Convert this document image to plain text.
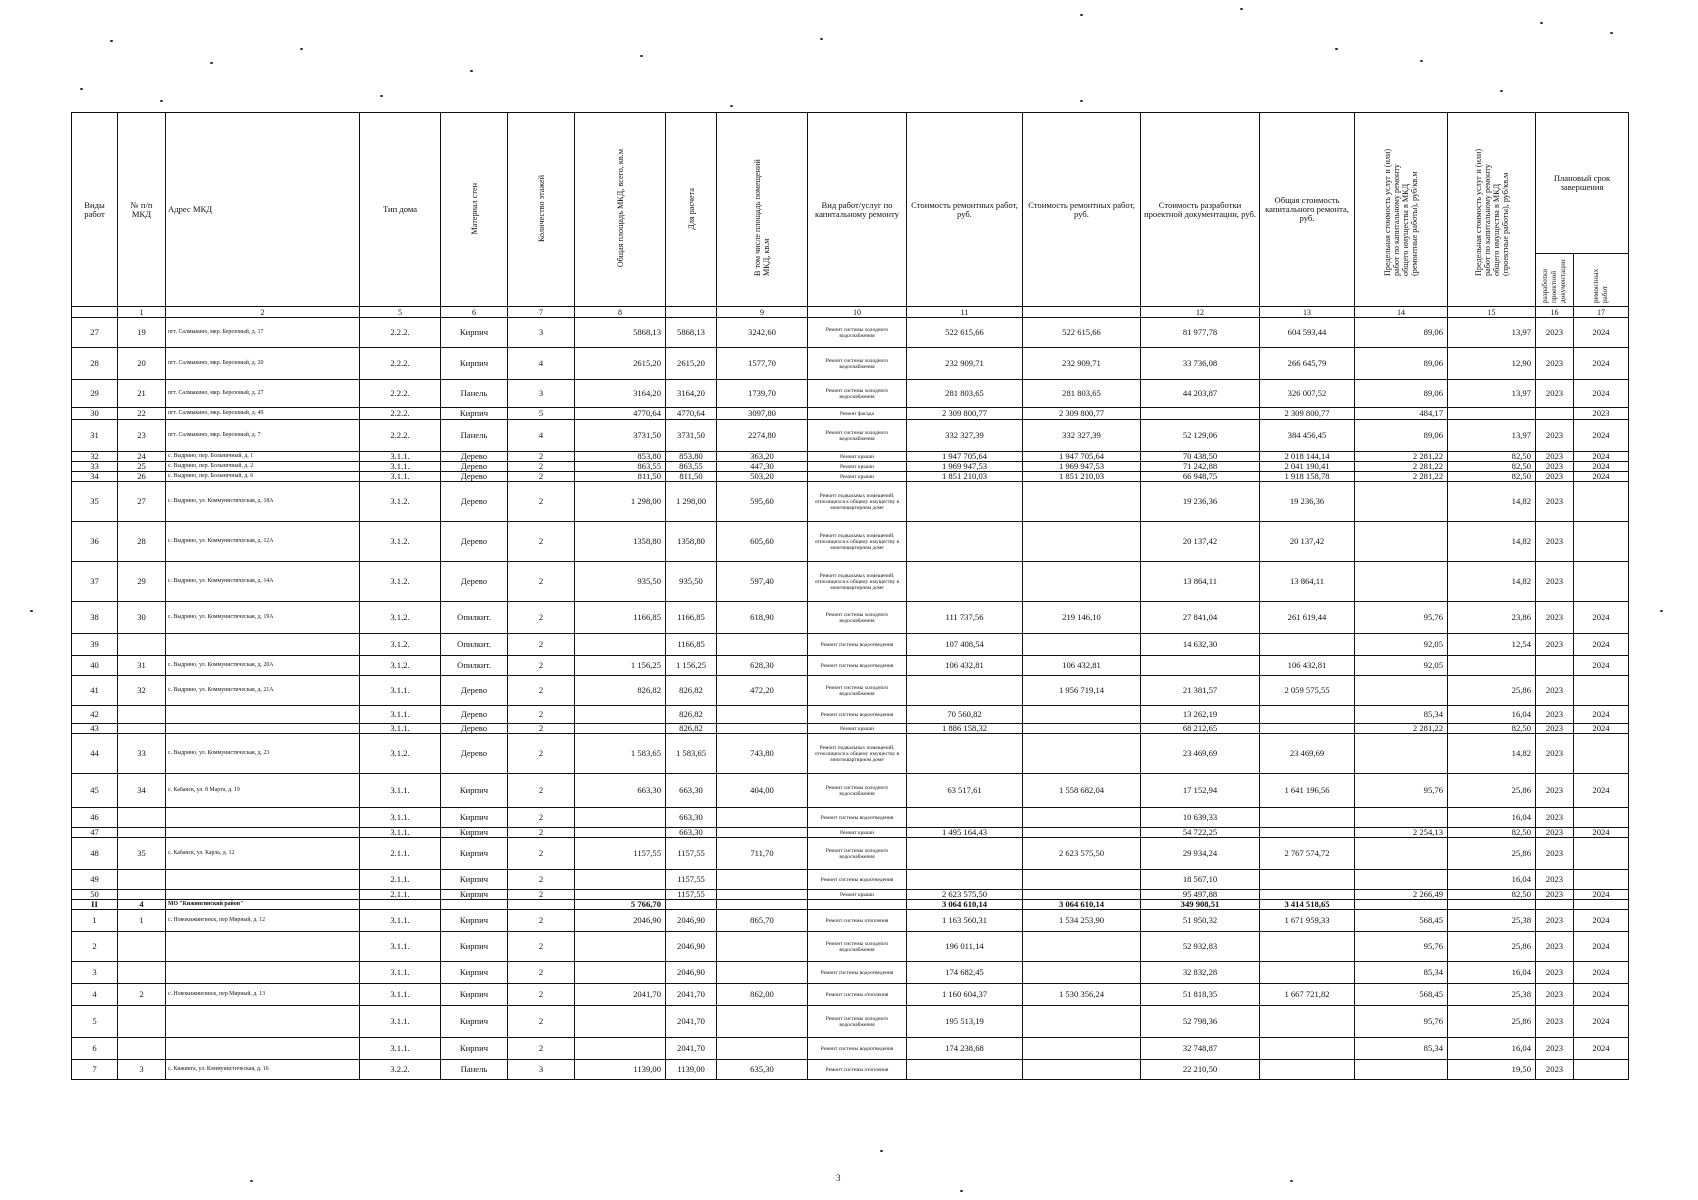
Виды работ	№ п/п МКД	Адрес МКД	Тип дома	Материал стен	Количество этажей	Общая площадь МКД, всего, кв.м	Для расчета	В том числе площадь помещений МКД, кв.м	Вид работ/услуг по капитальному ремонту	Стоимость ремонтных работ, руб.	Стоимость ремонтных работ, руб.	Стоимость разработки проектной документации, руб.	Общая стоимость капитального ремонта, руб.	Предельная стоимость услуг и (или) работ по капитальному ремонту общего имущества в МКД (ремонтные работы), руб/кв.м	Предельная стоимость услуг и (или) работ по капитальному ремонту общего имущества в МКД (проектные работы), руб/кв.м	Плановый срок завершения	
																разработки проектной документации	ремонтных работ
	1	2	5	6	7	8		9	10	11		12	13	14	15	16	17
27	19	пгт. Салмыкино, мкр. Березовый, д. 17	2.2.2.	Кирпич	3	5868,13	5868,13	3242,60	Ремонт системы холодного водоснабжения	522 615,66	522 615,66	81 977,78	604 593,44	89,06	13,97	2023	2024
28	20	пгт. Салмыкино, мкр. Березовый, д. 20	2.2.2.	Кирпич	4	2615,20	2615,20	1577,70	Ремонт системы холодного водоснабжения	232 909,71	232 909,71	33 736,08	266 645,79	89,06	12,90	2023	2024
29	21	пгт. Салмыкино, мкр. Березовый, д. 27	2.2.2.	Панель	3	3164,20	3164,20	1739,70	Ремонт системы холодного водоснабжения	281 803,65	281 803,65	44 203,87	326 007,52	89,06	13,97	2023	2024
30	22	пгт. Салмыкино, мкр. Березовый, д. 49	2.2.2.	Кирпич	5	4770,64	4770,64	3097,80	Ремонт фасада	2 309 800,77	2 309 800,77		2 309 800,77	484,17			2023
31	23	пгт. Салмыкино, мкр. Березовый, д. 7	2.2.2.	Панель	4	3731,50	3731,50	2274,80	Ремонт системы холодного водоснабжения	332 327,39	332 327,39	52 129,06	384 456,45	89,06	13,97	2023	2024
32	24	с. Выдрино, пер. Больничный, д. 1	3.1.1.	Дерево	2	853,80	853,80	363,20	Ремонт крыши	1 947 705,64	1 947 705,64	70 438,50	2 018 144,14	2 281,22	82,50	2023	2024
33	25	с. Выдрино, пер. Больничный, д. 2	3.1.1.	Дерево	2	863,55	863,55	447,30	Ремонт крыши	1 969 947,53	1 969 947,53	71 242,88	2 041 190,41	2 281,22	82,50	2023	2024
34	26	с. Выдрино, пер. Больничный, д. 6	3.1.1.	Дерево	2	811,50	811,50	503,20	Ремонт крыши	1 851 210,03	1 851 210,03	66 948,75	1 918 158,78	2 281,22	82,50	2023	2024
35	27	с. Выдрино, ул. Коммунистическая, д. 18А	3.1.2.	Дерево	2	1 298,00	1 298,00	595,60	Ремонт подвальных помещений, относящихся к общему имуществу в многоквартирном доме			19 236,36	19 236,36		14,82	2023	
36	28	с. Выдрино, ул. Коммунистическая, д. 12А	3.1.2.	Дерево	2	1358,80	1358,80	605,60	Ремонт подвальных помещений, относящихся к общему имуществу в многоквартирном доме			20 137,42	20 137,42		14,82	2023	
37	29	с. Выдрино, ул. Коммунистическая, д. 14А	3.1.2.	Дерево	2	935,50	935,50	597,40	Ремонт подвальных помещений, относящихся к общему имуществу в многоквартирном доме			13 864,11	13 864,11		14,82	2023	
38	30	с. Выдрино, ул. Коммунистическая, д. 19А	3.1.2.	Опилкит.	2	1166,85	1166,85	618,90	Ремонт системы холодного водоснабжения	111 737,56	219 146,10	27 841,04	261 619,44	95,76	23,86	2023	2024
39			3.1.2.	Опилкит.	2		1166,85		Ремонт системы водоотведения	107 408,54		14 632,30		92,05	12,54	2023	2024
40	31	с. Выдрино, ул. Коммунистическая, д. 20А	3.1.2.	Опилкит.	2	1 156,25	1 156,25	628,30	Ремонт системы водоотведения	106 432,81	106 432,81		106 432,81	92,05			2024
41	32	с. Выдрино, ул. Коммунистическая, д. 21А	3.1.1.	Дерево	2	826,82	826,82	472,20	Ремонт системы холодного водоснабжения		1 956 719,14	21 381,57	2 059 575,55		25,86	2023	
42			3.1.1.	Дерево	2		826,82		Ремонт системы водоотведения	70 560,82		13 262,19		85,34	16,04	2023	2024
43			3.1.1.	Дерево	2		826,82		Ремонт крыши	1 886 158,32		68 212,65		2 281,22	82,50	2023	2024
44	33	с. Выдрино, ул. Коммунистическая, д. 23	3.1.2.	Дерево	2	1 583,65	1 583,65	743,80	Ремонт подвальных помещений, относящихся к общему имуществу в многоквартирном доме			23 469,69	23 469,69		14,82	2023	
45	34	с. Кабанск, ул. 8 Марта, д. 19	3.1.1.	Кирпич	2	663,30	663,30	404,00	Ремонт системы холодного водоснабжения	63 517,61	1 558 682,04	17 152,94	1 641 196,56	95,76	25,86	2023	2024
46			3.1.1.	Кирпич	2		663,30		Ремонт системы водоотведения			10 639,33			16,04	2023	
47			3.1.1.	Кирпич	2		663,30		Ремонт крыши	1 495 164,43		54 722,25		2 254,13	82,50	2023	2024
48	35	с. Кабанск, ул. Карла, д. 12	2.1.1.	Кирпич	2	1157,55	1157,55	711,70	Ремонт системы холодного водоснабжения		2 623 575,50	29 934,24	2 767 574,72		25,86	2023	
49			2.1.1.	Кирпич	2		1157,55		Ремонт системы водоотведения			18 567,10			16,04	2023	
50			2.1.1.	Кирпич	2		1157,55		Ремонт крыши	2 623 575,50		95 497,88		2 266,49	82,50	2023	2024
II	4	МО "Кижингинский район"				5 766,70				3 064 610,14	3 064 610,14	349 908,51	3 414 518,65				
1	1	с. Новокижингинск, пер Мирный, д. 12	3.1.1.	Кирпич	2	2046,90	2046,90	865,70	Ремонт системы отопления	1 163 560,31	1 534 253,90	51 950,32	1 671 959,33	568,45	25,38	2023	2024
2			3.1.1.	Кирпич	2		2046,90		Ремонт системы холодного водоснабжения	196 011,14		52 932,83		95,76	25,86	2023	2024
3			3.1.1.	Кирпич	2		2046,90		Ремонт системы водоотведения	174 682,45		32 832,28		85,34	16,04	2023	2024
4	2	с. Новокижингинск, пер Мирный, д. 13	3.1.1.	Кирпич	2	2041,70	2041,70	862,00	Ремонт системы отопления	1 160 604,37	1 530 356,24	51 818,35	1 667 721,82	568,45	25,38	2023	2024
5			3.1.1.	Кирпич	2		2041,70		Ремонт системы холодного водоснабжения	195 513,19		52 798,36		95,76	25,86	2023	2024
6			3.1.1.	Кирпич	2		2041,70		Ремонт системы водоотведения	174 238,68		32 748,87		85,34	16,04	2023	2024
7	3	с. Кижинга, ул. Коммунистическая, д. 16	3.2.2.	Панель	3	1139,00	1139,00	635,30	Ремонт системы отопления			22 210,50			19,50	2023	
3
